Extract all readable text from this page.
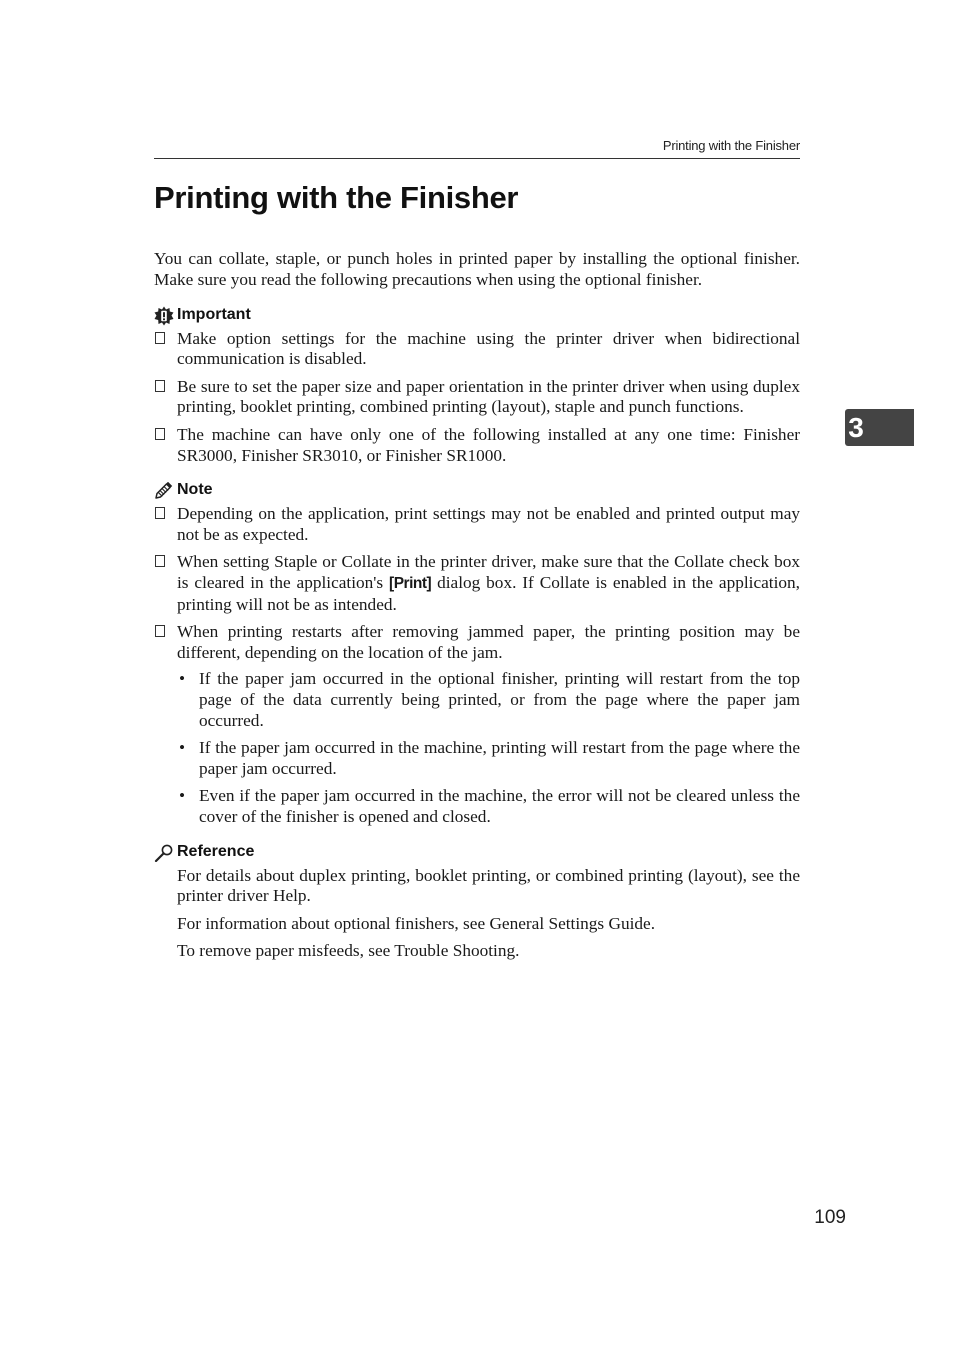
Printing with the Finisher
Printing with the Finisher
3

You can collate, staple, or punch holes in printed paper by installing the optional finisher. Make sure you read the following precautions when using the optional finisher.

Important
Make option settings for the machine using the printer driver when bidirectional communication is disabled.
Be sure to set the paper size and paper orientation in the printer driver when using duplex printing, booklet printing, combined printing (layout), staple and punch functions.
The machine can have only one of the following installed at any one time: Finisher SR3000, Finisher SR3010, or Finisher SR1000.
Note
Depending on the application, print settings may not be enabled and printed output may not be as expected.
When setting Staple or Collate in the printer driver, make sure that the Collate check box is cleared in the application's [Print] dialog box. If Collate is enabled in the application, printing will not be as intended.
When printing restarts after removing jammed paper, the printing position may be different, depending on the location of the jam.
• If the paper jam occurred in the optional finisher, printing will restart from the top page of the data currently being printed, or from the page where the paper jam occurred.
• If the paper jam occurred in the machine, printing will restart from the page where the paper jam occurred.
• Even if the paper jam occurred in the machine, the error will not be cleared unless the cover of the finisher is opened and closed.
Reference

For details about duplex printing, booklet printing, or combined printing (layout), see the printer driver Help.

For information about optional finishers, see General Settings Guide.

To remove paper misfeeds, see Trouble Shooting.

109
